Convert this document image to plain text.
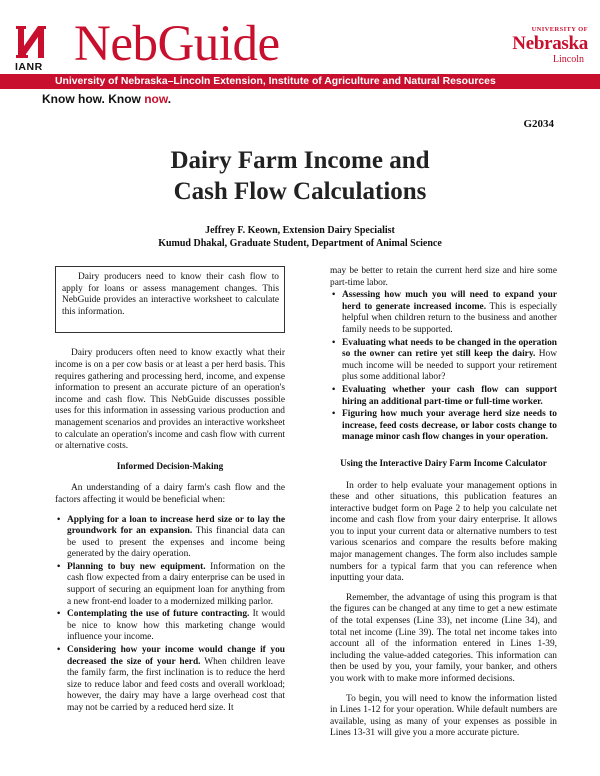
IANR NebGuide	UNIVERSITY OF
Nebraska
Lincoln
University of Nebraska–Lincoln Extension, Institute of Agriculture and Natural Resources
Know how. Know now.
G2034
Dairy Farm Income and
Cash Flow Calculations
Jeffrey F. Keown, Extension Dairy Specialist
Kumud Dhakal, Graduate Student, Department of Animal Science

Dairy producers need to know their cash flow to apply for loans or assess management changes. This NebGuide provides an interactive worksheet to calculate this information.

Dairy producers often need to know exactly what their income is on a per cow basis or at least a per herd basis. This requires gathering and processing herd, income, and expense information to present an accurate picture of an operation's income and cash flow. This NebGuide discusses possible uses for this information in assessing various production and management scenarios and provides an interactive worksheet to calculate an operation's income and cash flow with current or alternative costs.

Informed Decision-Making

An understanding of a dairy farm's cash flow and the factors affecting it would be beneficial when:

• Applying for a loan to increase herd size or to lay the groundwork for an expansion. This financial data can be used to present the expenses and income being generated by the dairy operation.
• Planning to buy new equipment. Information on the cash flow expected from a dairy enterprise can be used in support of securing an equipment loan for anything from a new front-end loader to a modernized milking parlor.
• Contemplating the use of future contracting. It would be nice to know how this marketing change would influence your income.
• Considering how your income would change if you decreased the size of your herd. When children leave the family farm, the first inclination is to reduce the herd size to reduce labor and feed costs and overall workload; however, the dairy may have a large overhead cost that may not be carried by a reduced herd size. It

may be better to retain the current herd size and hire some part-time labor.

• Assessing how much you will need to expand your herd to generate increased income. This is especially helpful when children return to the business and another family needs to be supported.
• Evaluating what needs to be changed in the operation so the owner can retire yet still keep the dairy. How much income will be needed to support your retirement plus some additional labor?
• Evaluating whether your cash flow can support hiring an additional part-time or full-time worker.
• Figuring how much your average herd size needs to increase, feed costs decrease, or labor costs change to manage minor cash flow changes in your operation.
Using the Interactive Dairy Farm Income Calculator

In order to help evaluate your management options in these and other situations, this publication features an interactive budget form on Page 2 to help you calculate net income and cash flow from your dairy enterprise. It allows you to input your current data or alternative numbers to test various scenarios and compare the results before making major management changes. The form also includes sample numbers for a typical farm that you can reference when inputting your data.

Remember, the advantage of using this program is that the figures can be changed at any time to get a new estimate of the total expenses (Line 33), net income (Line 34), and total net income (Line 39). The total net income takes into account all of the information entered in Lines 1-39, including the value-added categories. This information can then be used by you, your family, your banker, and others you work with to make more informed decisions.

To begin, you will need to know the information listed in Lines 1-12 for your operation. While default numbers are available, using as many of your expenses as possible in Lines 13-31 will give you a more accurate picture.
